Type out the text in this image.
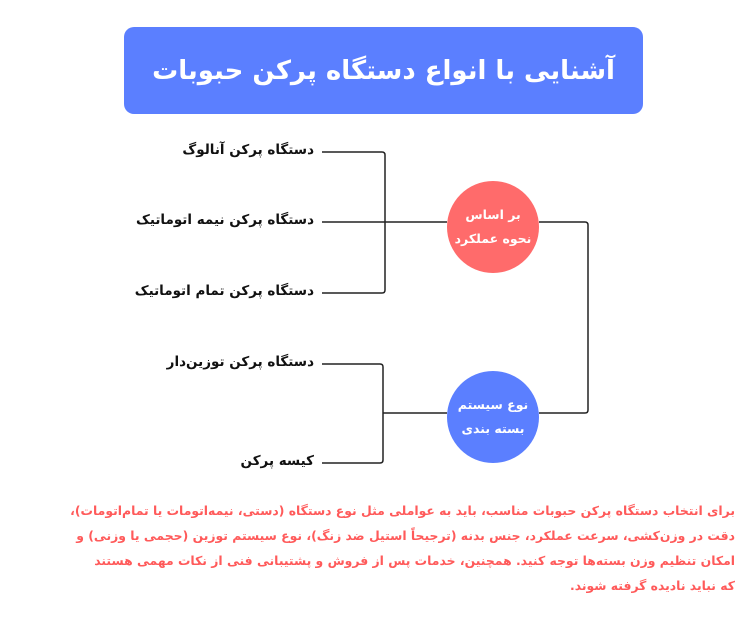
آشنایی با انواع دستگاه پرکن حبوبات
دستگاه پرکن آنالوگ
دستگاه پرکن نیمه اتوماتیک
دستگاه پرکن تمام اتوماتیک
دستگاه پرکن توزین‌دار
کیسه پرکن
بر اساس
نحوه عملکرد
نوع سیستم
بسته بندی
برای انتخاب دستگاه پرکن حبوبات مناسب، باید به عواملی مثل نوع دستگاه (دستی، نیمه‌اتومات یا تمام‌اتومات)،
دقت در وزن‌کشی، سرعت عملکرد، جنس بدنه (ترجیحاً استیل ضد زنگ)، نوع سیستم توزین (حجمی یا وزنی) و
امکان تنظیم وزن بسته‌ها توجه کنید. همچنین، خدمات پس از فروش و پشتیبانی فنی از نکات مهمی هستند
که نباید نادیده گرفته شوند.
